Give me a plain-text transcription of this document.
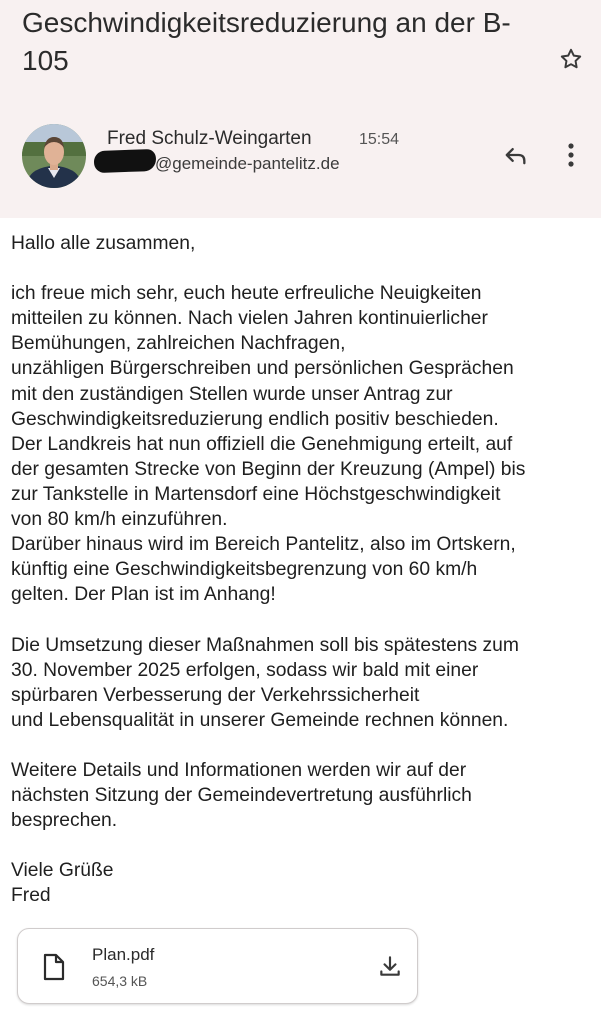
Geschwindigkeitsreduzierung an der B-105
Fred Schulz-Weingarten	15:54
@gemeinde-pantelitz.de

Hallo alle zusammen,

ich freue mich sehr, euch heute erfreuliche Neuigkeiten

mitteilen zu können. Nach vielen Jahren kontinuierlicher

Bemühungen, zahlreichen Nachfragen,

unzähligen Bürgerschreiben und persönlichen Gesprächen

mit den zuständigen Stellen wurde unser Antrag zur

Geschwindigkeitsreduzierung endlich positiv beschieden.

Der Landkreis hat nun offiziell die Genehmigung erteilt, auf

der gesamten Strecke von Beginn der Kreuzung (Ampel) bis

zur Tankstelle in Martensdorf eine Höchstgeschwindigkeit

von 80 km/h einzuführen.

Darüber hinaus wird im Bereich Pantelitz, also im Ortskern,

künftig eine Geschwindigkeitsbegrenzung von 60 km/h

gelten. Der Plan ist im Anhang!

Die Umsetzung dieser Maßnahmen soll bis spätestens zum

30. November 2025 erfolgen, sodass wir bald mit einer

spürbaren Verbesserung der Verkehrssicherheit

und Lebensqualität in unserer Gemeinde rechnen können.

Weitere Details und Informationen werden wir auf der

nächsten Sitzung der Gemeindevertretung ausführlich

besprechen.

Viele Grüße

Fred

Plan.pdf
654,3 kB
